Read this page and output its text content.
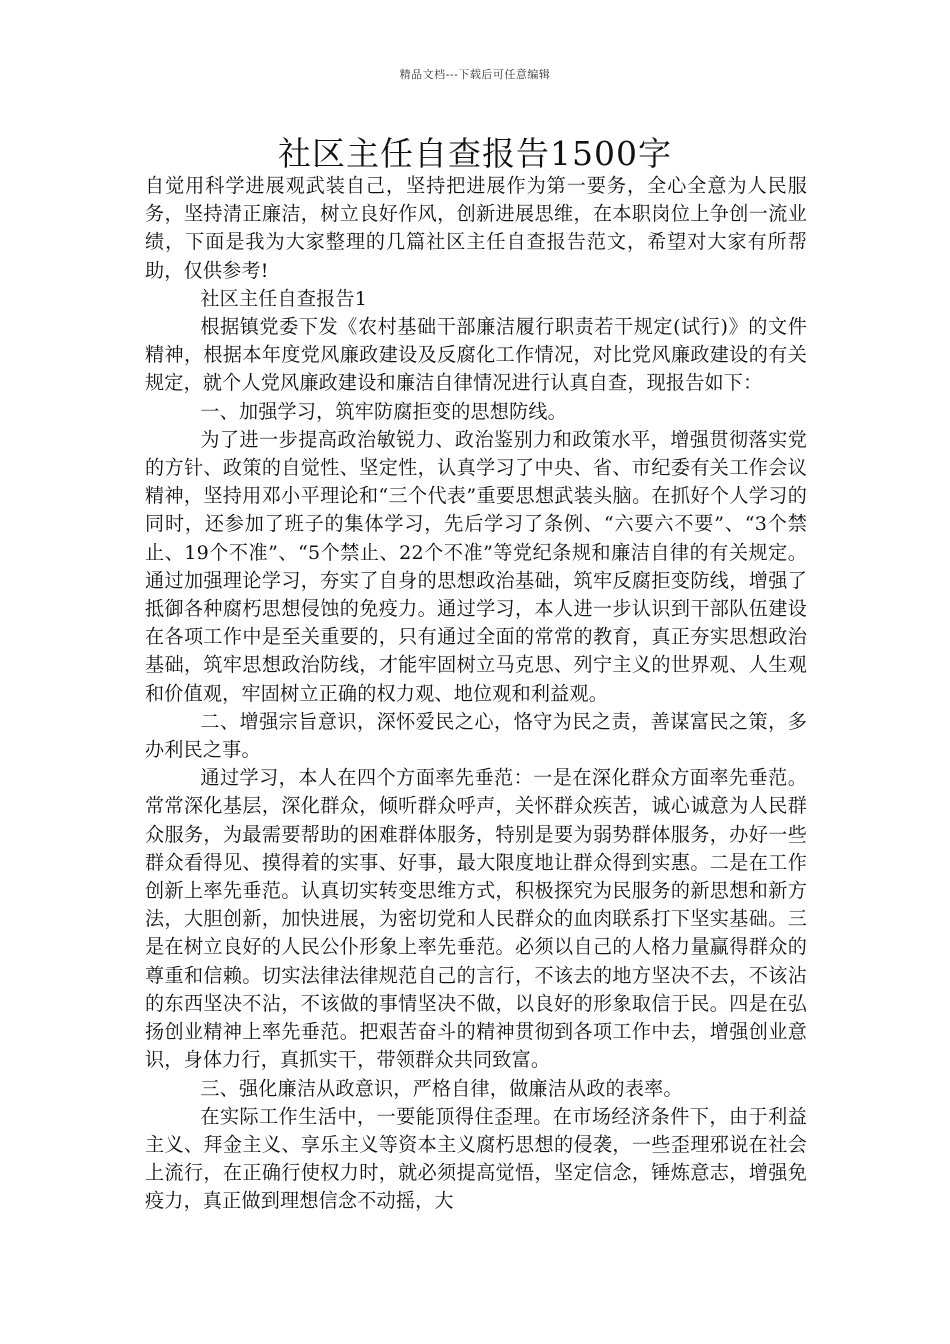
精品文档---下载后可任意编辑
社区主任自查报告1500字

自觉用科学进展观武装自己，坚持把进展作为第一要务，全心全意为人民服务，坚持清正廉洁，树立良好作风，创新进展思维，在本职岗位上争创一流业绩，下面是我为大家整理的几篇社区主任自查报告范文，希望对大家有所帮助，仅供参考!

社区主任自查报告1

根据镇党委下发《农村基础干部廉洁履行职责若干规定(试行)》的文件精神，根据本年度党风廉政建设及反腐化工作情况，对比党风廉政建设的有关规定，就个人党风廉政建设和廉洁自律情况进行认真自查，现报告如下：

一、加强学习，筑牢防腐拒变的思想防线。

为了进一步提高政治敏锐力、政治鉴别力和政策水平，增强贯彻落实党的方针、政策的自觉性、坚定性，认真学习了中央、省、市纪委有关工作会议精神，坚持用邓小平理论和“三个代表”重要思想武装头脑。在抓好个人学习的同时，还参加了班子的集体学习，先后学习了条例、“六要六不要”、“3个禁止、19个不准”、“5个禁止、22个不准”等党纪条规和廉洁自律的有关规定。通过加强理论学习，夯实了自身的思想政治基础，筑牢反腐拒变防线，增强了抵御各种腐朽思想侵蚀的免疫力。通过学习，本人进一步认识到干部队伍建设在各项工作中是至关重要的，只有通过全面的常常的教育，真正夯实思想政治基础，筑牢思想政治防线，才能牢固树立马克思、列宁主义的世界观、人生观和价值观，牢固树立正确的权力观、地位观和利益观。

二、增强宗旨意识，深怀爱民之心，恪守为民之责，善谋富民之策，多办利民之事。

通过学习，本人在四个方面率先垂范：一是在深化群众方面率先垂范。常常深化基层，深化群众，倾听群众呼声，关怀群众疾苦，诚心诚意为人民群众服务，为最需要帮助的困难群体服务，特别是要为弱势群体服务，办好一些群众看得见、摸得着的实事、好事，最大限度地让群众得到实惠。二是在工作创新上率先垂范。认真切实转变思维方式，积极探究为民服务的新思想和新方法，大胆创新，加快进展，为密切党和人民群众的血肉联系打下坚实基础。三是在树立良好的人民公仆形象上率先垂范。必须以自己的人格力量赢得群众的尊重和信赖。切实法律法律规范自己的言行，不该去的地方坚决不去，不该沾的东西坚决不沾，不该做的事情坚决不做，以良好的形象取信于民。四是在弘扬创业精神上率先垂范。把艰苦奋斗的精神贯彻到各项工作中去，增强创业意识，身体力行，真抓实干，带领群众共同致富。

三、强化廉洁从政意识，严格自律，做廉洁从政的表率。

在实际工作生活中，一要能顶得住歪理。在市场经济条件下，由于利益主义、拜金主义、享乐主义等资本主义腐朽思想的侵袭，一些歪理邪说在社会上流行，在正确行使权力时，就必须提高觉悟，坚定信念，锤炼意志，增强免疫力，真正做到理想信念不动摇，大
